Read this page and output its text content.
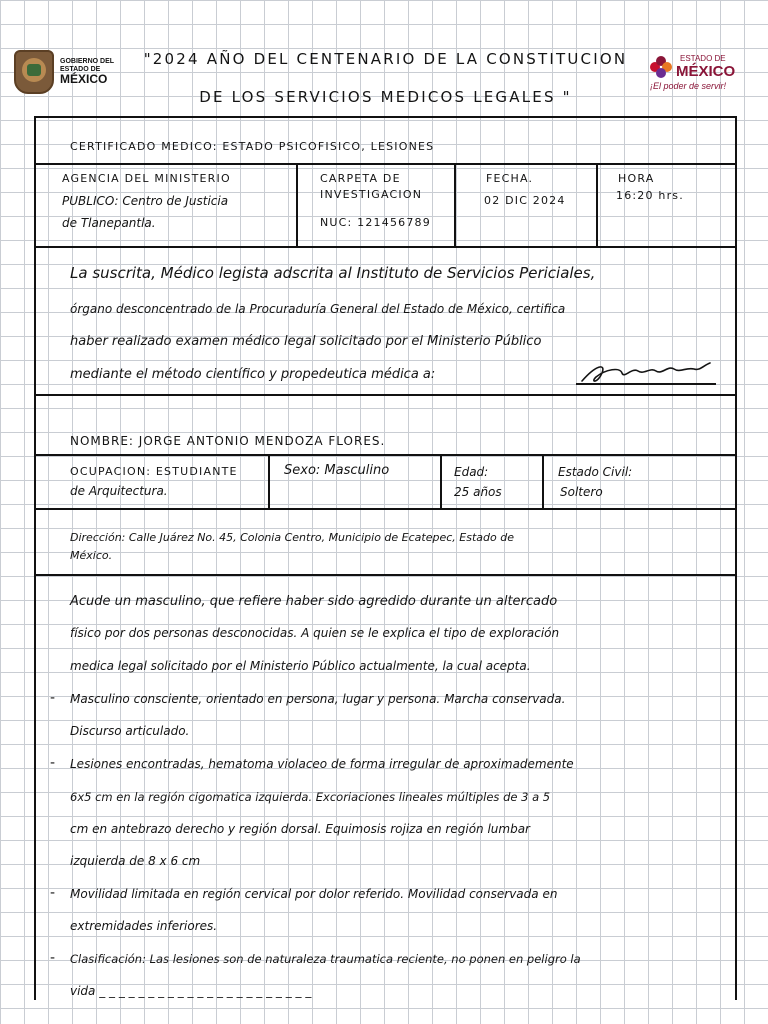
GOBIERNO DEL
ESTADO DE
MÉXICO
"2024 AÑO DEL CENTENARIO DE LA CONSTITUCION
DE LOS SERVICIOS MEDICOS LEGALES "
ESTADO DE
MÉXICO
¡El poder de servir!
CERTIFICADO MEDICO: ESTADO PSICOFISICO, LESIONES
AGENCIA DEL MINISTERIO
PUBLICO: Centro de Justicia
de Tlanepantla.
CARPETA DE
INVESTIGACION
NUC: 121456789
FECHA.
02 DIC 2024
HORA
16:20 hrs.
La suscrita, Médico legista adscrita al Instituto de Servicios Periciales,
órgano desconcentrado de la Procuraduría General del Estado de México, certifica
haber realizado examen médico legal solicitado por el Ministerio Público
mediante el método científico y propedeutica médica a:
NOMBRE: JORGE ANTONIO MENDOZA FLORES.
OCUPACION: ESTUDIANTE
de Arquitectura.
Sexo: Masculino	Edad:
25 años
Estado Civil:
Soltero
Dirección: Calle Juárez No. 45, Colonia Centro, Municipio de Ecatepec, Estado de
México.
Acude un masculino, que refiere haber sido agredido durante un altercado
físico por dos personas desconocidas. A quien se le explica el tipo de exploración
medica legal solicitado por el Ministerio Público actualmente, la cual acepta.
- Masculino consciente, orientado en persona, lugar y persona. Marcha conservada.
Discurso articulado.
- Lesiones encontradas, hematoma violaceo de forma irregular de aproximademente
6x5 cm en la región cigomatica izquierda. Excoriaciones lineales múltiples de 3 a 5
cm en antebrazo derecho y región dorsal. Equimosis rojiza en región lumbar
izquierda de 8 x 6 cm
- Movilidad limitada en región cervical por dolor referido. Movilidad conservada en
extremidades inferiores.
- Clasificación: Las lesiones son de naturaleza traumatica reciente, no ponen en peligro la
vida _ _ _ _ _ _ _ _ _ _ _ _ _ _ _ _ _ _ _ _ _ _
